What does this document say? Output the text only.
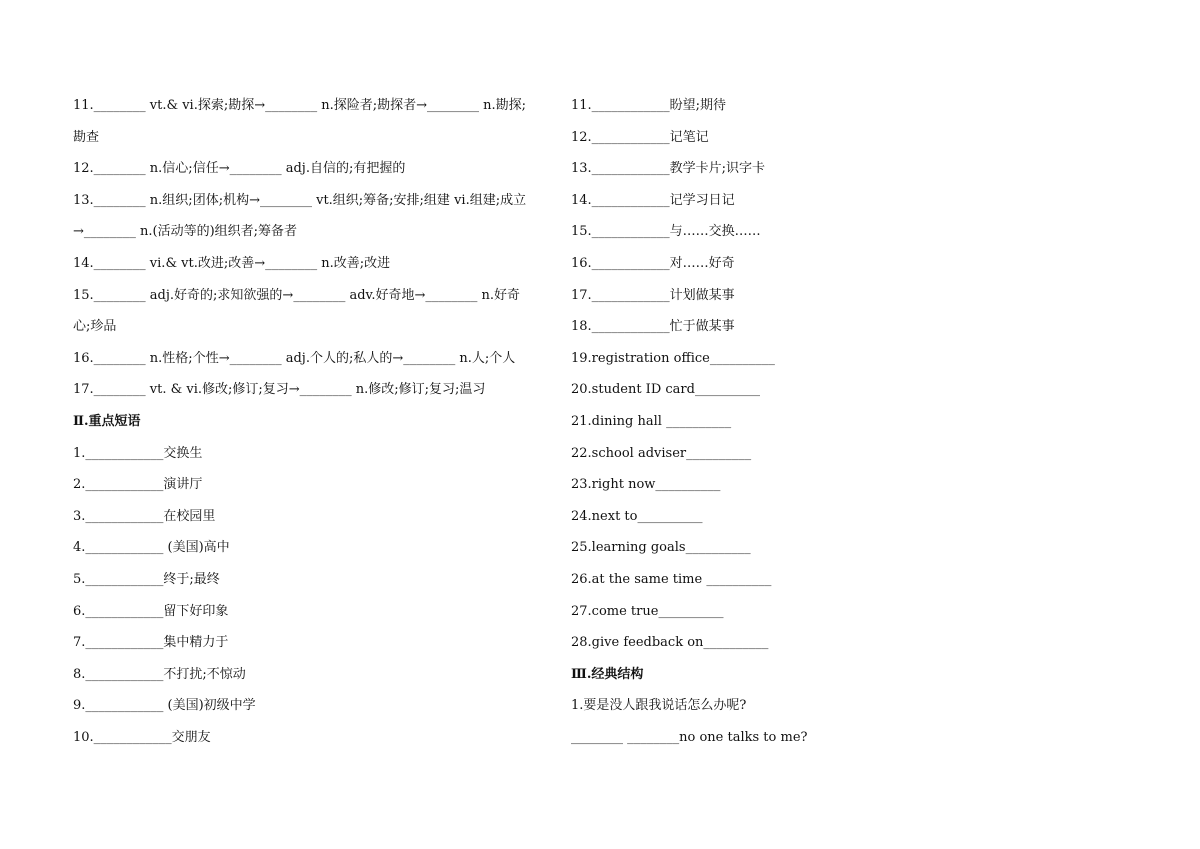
11.________ vt.& vi.探索;勘探→________ n.探险者;勘探者→________ n.勘探;
勘查
12.________ n.信心;信任→________ adj.自信的;有把握的
13.________ n.组织;团体;机构→________ vt.组织;筹备;安排;组建 vi.组建;成立
→________ n.(活动等的)组织者;筹备者
14.________ vi.& vt.改进;改善→________ n.改善;改进
15.________ adj.好奇的;求知欲强的→________ adv.好奇地→________ n.好奇
心;珍品
16.________ n.性格;个性→________ adj.个人的;私人的→________ n.人;个人
17.________ vt. & vi.修改;修订;复习→________ n.修改;修订;复习;温习
Ⅱ.重点短语
1.____________交换生
2.____________演讲厅
3.____________在校园里
4.____________ (美国)高中
5.____________终于;最终
6.____________留下好印象
7.____________集中精力于
8.____________不打扰;不惊动
9.____________ (美国)初级中学
10.____________交朋友
11.____________盼望;期待
12.____________记笔记
13.____________教学卡片;识字卡
14.____________记学习日记
15.____________与……交换……
16.____________对……好奇
17.____________计划做某事
18.____________忙于做某事
19.registration office__________
20.student ID card__________
21.dining hall __________
22.school adviser__________
23.right now__________
24.next to__________
25.learning goals__________
26.at the same time __________
27.come true__________
28.give feedback on__________
Ⅲ.经典结构
1.要是没人跟我说话怎么办呢?
________ ________no one talks to me?
